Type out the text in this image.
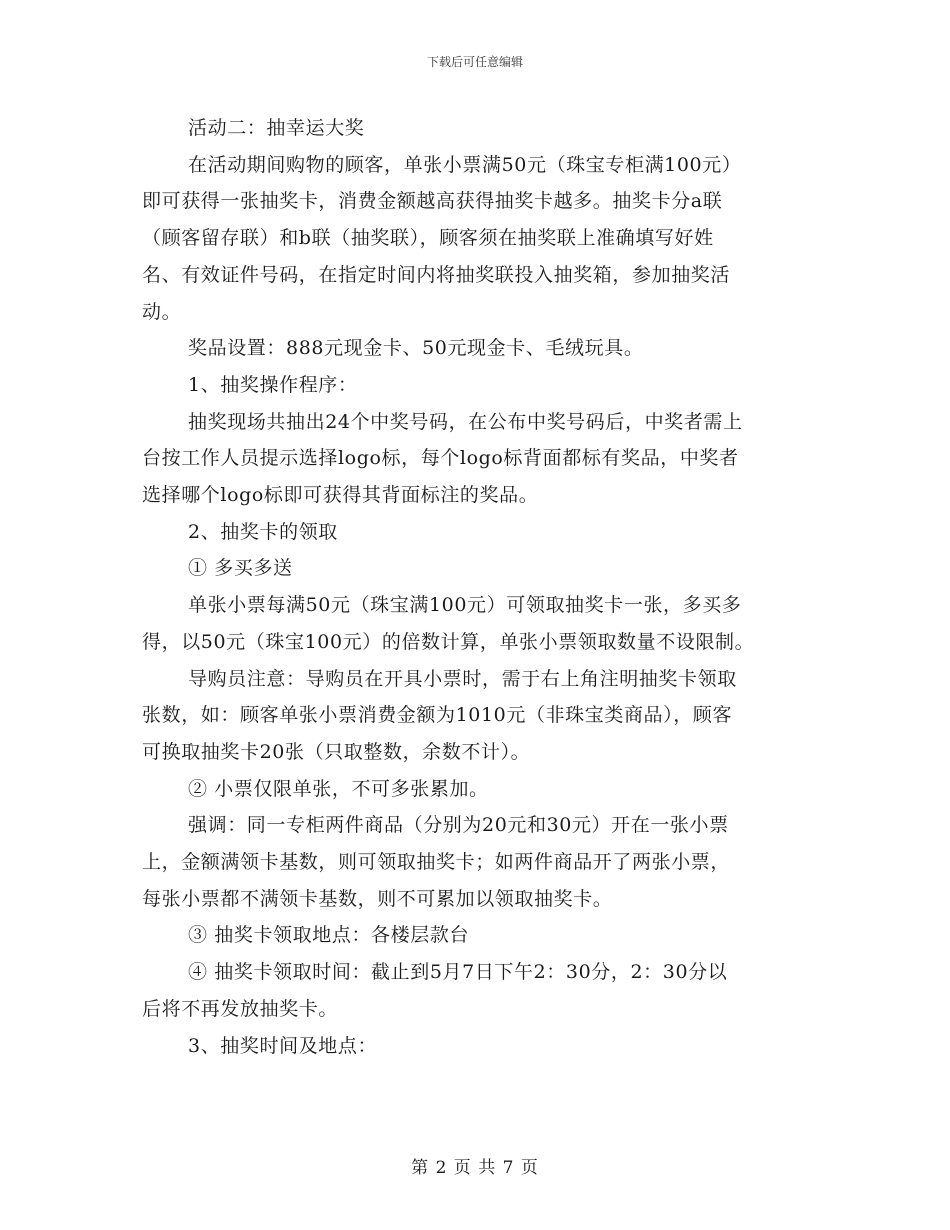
下载后可任意编辑

活动二：抽幸运大奖

在活动期间购物的顾客，单张小票满50元（珠宝专柜满100元）

即可获得一张抽奖卡，消费金额越高获得抽奖卡越多。抽奖卡分a联

（顾客留存联）和b联（抽奖联），顾客须在抽奖联上准确填写好姓

名、有效证件号码，在指定时间内将抽奖联投入抽奖箱，参加抽奖活

动。

奖品设置：888元现金卡、50元现金卡、毛绒玩具。

1、抽奖操作程序：

抽奖现场共抽出24个中奖号码，在公布中奖号码后，中奖者需上

台按工作人员提示选择logo标，每个logo标背面都标有奖品，中奖者

选择哪个logo标即可获得其背面标注的奖品。

2、抽奖卡的领取

① 多买多送

单张小票每满50元（珠宝满100元）可领取抽奖卡一张，多买多

得，以50元（珠宝100元）的倍数计算，单张小票领取数量不设限制。

导购员注意：导购员在开具小票时，需于右上角注明抽奖卡领取

张数，如：顾客单张小票消费金额为1010元（非珠宝类商品），顾客

可换取抽奖卡20张（只取整数，余数不计）。

② 小票仅限单张，不可多张累加。

强调：同一专柜两件商品（分别为20元和30元）开在一张小票

上，金额满领卡基数，则可领取抽奖卡；如两件商品开了两张小票，

每张小票都不满领卡基数，则不可累加以领取抽奖卡。

③ 抽奖卡领取地点：各楼层款台

④ 抽奖卡领取时间：截止到5月7日下午2：30分，2：30分以

后将不再发放抽奖卡。

3、抽奖时间及地点：

第 2 页 共 7 页
